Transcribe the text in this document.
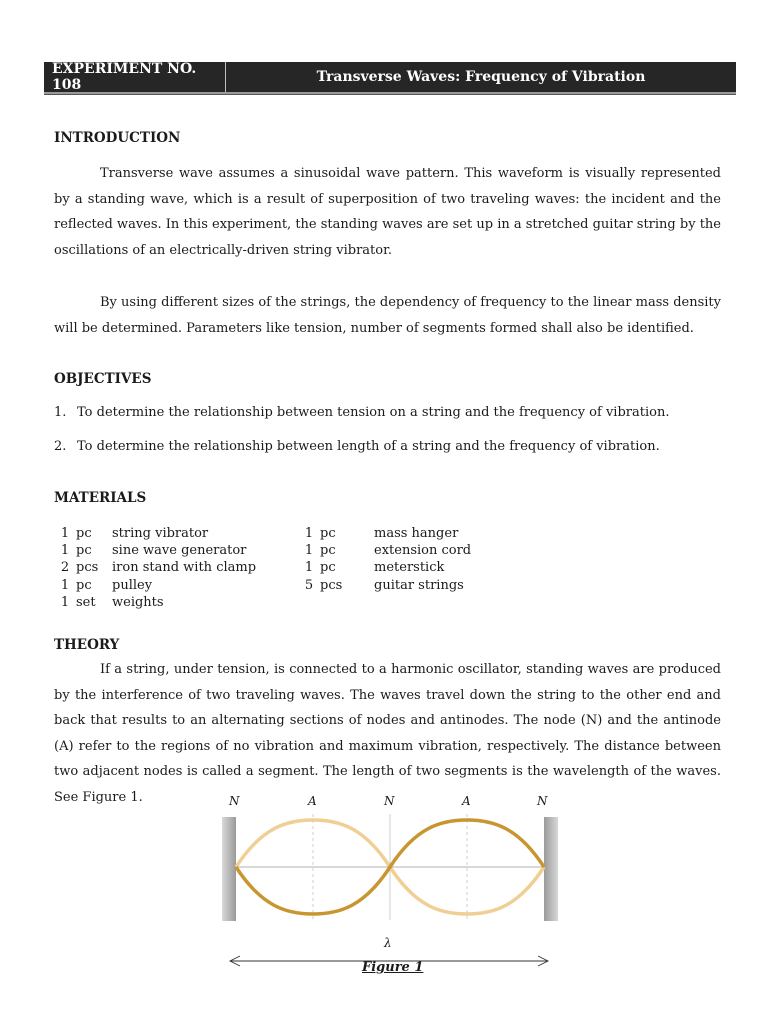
EXPERIMENT NO. 108	Transverse Waves: Frequency of Vibration
INTRODUCTION
Transverse wave assumes a sinusoidal wave pattern. This waveform is visually represented by a standing wave, which is a result of superposition of two traveling waves: the incident and the reflected waves. In this experiment, the standing waves are set up in a stretched guitar string by the oscillations of an electrically-driven string vibrator.
By using different sizes of the strings, the dependency of frequency to the linear mass density will be determined. Parameters like tension, number of segments formed shall also be identified.
OBJECTIVES
1. To determine the relationship between tension on a string and the frequency of vibration.
2. To determine the relationship between length of a string and the frequency of vibration.
MATERIALS
1 pc	string vibrator
1 pc	sine wave generator
2 pcs	iron stand with clamp
1 pc	pulley
1 set	weights
1 pc	mass hanger
1 pc	extension cord
1 pc	meterstick
5 pcs	guitar strings
THEORY
If a string, under tension, is connected to a harmonic oscillator, standing waves are produced by the interference of two traveling waves. The waves travel down the string to the other end and back that results to an alternating sections of nodes and antinodes. The node (N) and the antinode (A) refer to the regions of no vibration and maximum vibration, respectively. The distance between two adjacent nodes is called a segment. The length of two segments is the wavelength of the waves. See Figure 1.	N	A	N	A	N
λ
Figure 1
